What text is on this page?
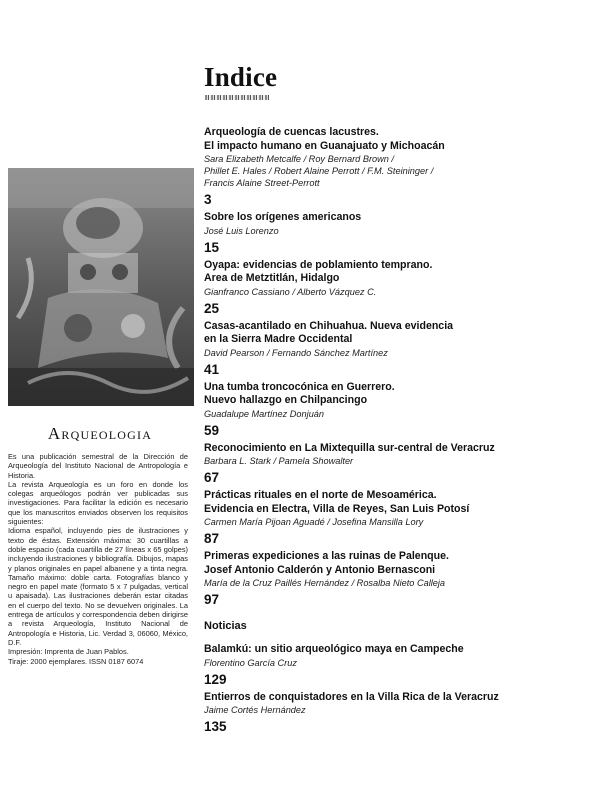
Indice
Arqueologia

Es una publicación semestral de la Dirección de Arqueología del Instituto Nacional de Antropología e Historia.

La revista Arqueología es un foro en donde los colegas arqueólogos podrán ver publicadas sus investigaciones. Para facilitar la edición es necesario que los manuscritos enviados observen los requisitos siguientes:

Idioma español, incluyendo pies de ilustraciones y texto de éstas. Extensión máxima: 30 cuartillas a doble espacio (cada cuartilla de 27 líneas x 65 golpes) incluyendo ilustraciones y bibliografía. Dibujos, mapas y planos originales en papel albanene y a tinta negra. Tamaño máximo: doble carta. Fotografías blanco y negro en papel mate (formato 5 x 7 pulgadas, vertical u apaisada). Las ilustraciones deberán estar citadas en el cuerpo del texto. No se devuelven originales. La entrega de artículos y correspondencia deben dirigirse a revista Arqueología, Instituto Nacional de Antropología e Historia, Lic. Verdad 3, 06060, México, D.F.

Impresión: Imprenta de Juan Pablos.

Tiraje: 2000 ejemplares. ISSN 0187 6074

Arqueología de cuencas lacustres.
El impacto humano en Guanajuato y Michoacán
Sara Elizabeth Metcalfe / Roy Bernard Brown /
Phillet E. Hales / Robert Alaine Perrott / F.M. Steininger /
Francis Alaine Street-Perrott
3
Sobre los orígenes americanos
José Luis Lorenzo
15
Oyapa: evidencias de poblamiento temprano.
Area de Metztitlán, Hidalgo
Gianfranco Cassiano / Alberto Vázquez C.
25
Casas-acantilado en Chihuahua. Nueva evidencia
en la Sierra Madre Occidental
David Pearson / Fernando Sánchez Martínez
41
Una tumba troncocónica en Guerrero.
Nuevo hallazgo en Chilpancingo
Guadalupe Martínez Donjuán
59
Reconocimiento en La Mixtequilla sur-central de Veracruz
Barbara L. Stark / Pamela Showalter
67
Prácticas rituales en el norte de Mesoamérica.
Evidencia en Electra, Villa de Reyes, San Luis Potosí
Carmen María Pijoan Aguadé / Josefina Mansilla Lory
87
Primeras expediciones a las ruinas de Palenque.
Josef Antonio Calderón y Antonio Bernasconi
María de la Cruz Paillés Hernández / Rosalba Nieto Calleja
97
Noticias
Balamkú: un sitio arqueológico maya en Campeche
Florentino García Cruz
129
Entierros de conquistadores en la Villa Rica de la Veracruz
Jaime Cortés Hernández
135
